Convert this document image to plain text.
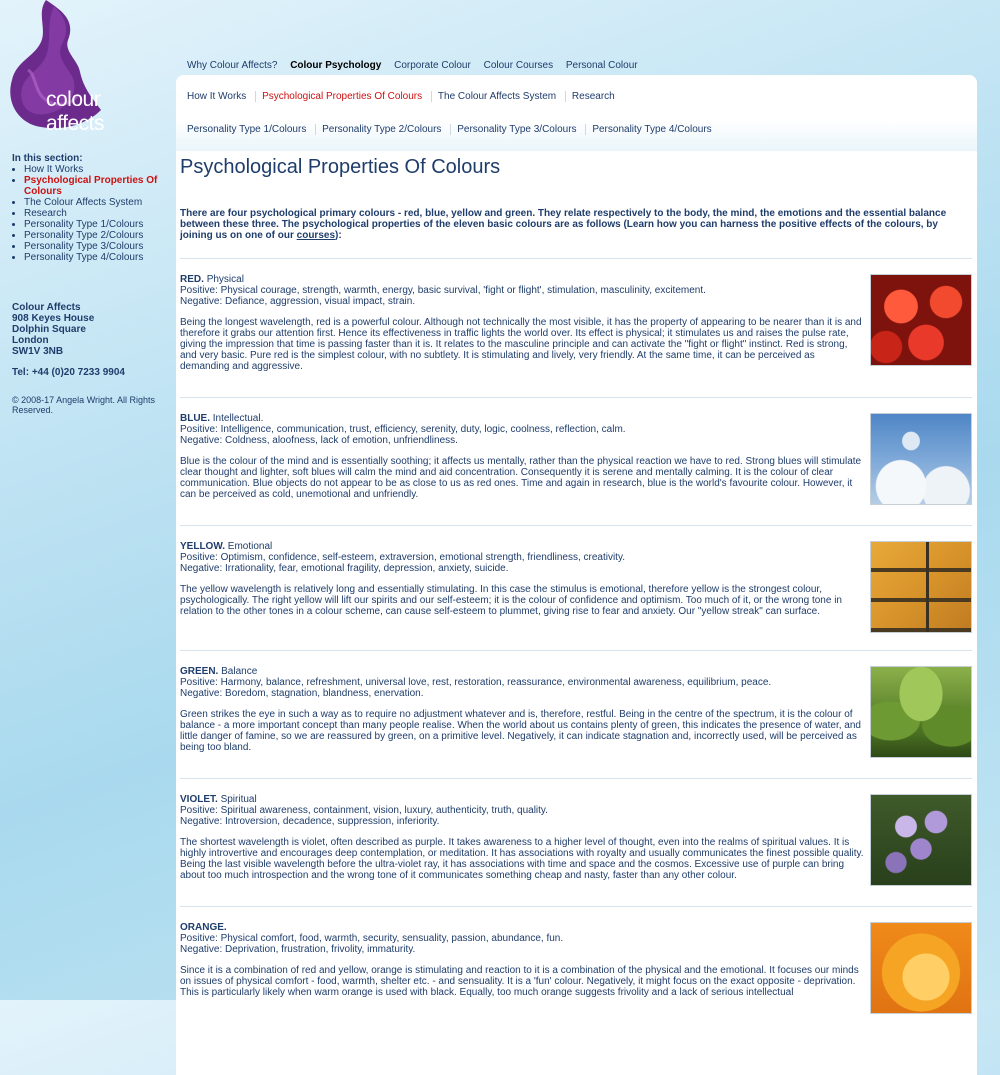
colour affects
In this section:
• How It Works
• Psychological Properties Of Colours
• The Colour Affects System
• Research
• Personality Type 1/Colours
• Personality Type 2/Colours
• Personality Type 3/Colours
• Personality Type 4/Colours
Colour Affects
908 Keyes House
Dolphin Square
London
SW1V 3NB
Tel: +44 (0)20 7233 9904
© 2008-17 Angela Wright. All Rights Reserved.
Why Colour Affects? Colour Psychology Corporate Colour Colour Courses Personal Colour
How It Works Psychological Properties Of Colours The Colour Affects System Research
Personality Type 1/Colours Personality Type 2/Colours Personality Type 3/Colours Personality Type 4/Colours
Psychological Properties Of Colours

There are four psychological primary colours - red, blue, yellow and green. They relate respectively to the body, the mind, the emotions and the essential balance between these three. The psychological properties of the eleven basic colours are as follows (Learn how you can harness the positive effects of the colours, by joining us on one of our courses):

RED. Physical

Positive: Physical courage, strength, warmth, energy, basic survival, 'fight or flight', stimulation, masculinity, excitement.

Negative: Defiance, aggression, visual impact, strain.

Being the longest wavelength, red is a powerful colour. Although not technically the most visible, it has the property of appearing to be nearer than it is and therefore it grabs our attention first. Hence its effectiveness in traffic lights the world over. Its effect is physical; it stimulates us and raises the pulse rate, giving the impression that time is passing faster than it is. It relates to the masculine principle and can activate the "fight or flight" instinct. Red is strong, and very basic. Pure red is the simplest colour, with no subtlety. It is stimulating and lively, very friendly. At the same time, it can be perceived as demanding and aggressive.

BLUE. Intellectual.

Positive: Intelligence, communication, trust, efficiency, serenity, duty, logic, coolness, reflection, calm.

Negative: Coldness, aloofness, lack of emotion, unfriendliness.

Blue is the colour of the mind and is essentially soothing; it affects us mentally, rather than the physical reaction we have to red. Strong blues will stimulate clear thought and lighter, soft blues will calm the mind and aid concentration. Consequently it is serene and mentally calming. It is the colour of clear communication. Blue objects do not appear to be as close to us as red ones. Time and again in research, blue is the world's favourite colour. However, it can be perceived as cold, unemotional and unfriendly.

YELLOW. Emotional

Positive: Optimism, confidence, self-esteem, extraversion, emotional strength, friendliness, creativity.

Negative: Irrationality, fear, emotional fragility, depression, anxiety, suicide.

The yellow wavelength is relatively long and essentially stimulating. In this case the stimulus is emotional, therefore yellow is the strongest colour, psychologically. The right yellow will lift our spirits and our self-esteem; it is the colour of confidence and optimism. Too much of it, or the wrong tone in relation to the other tones in a colour scheme, can cause self-esteem to plummet, giving rise to fear and anxiety. Our "yellow streak" can surface.

GREEN. Balance

Positive: Harmony, balance, refreshment, universal love, rest, restoration, reassurance, environmental awareness, equilibrium, peace.

Negative: Boredom, stagnation, blandness, enervation.

Green strikes the eye in such a way as to require no adjustment whatever and is, therefore, restful. Being in the centre of the spectrum, it is the colour of balance - a more important concept than many people realise. When the world about us contains plenty of green, this indicates the presence of water, and little danger of famine, so we are reassured by green, on a primitive level. Negatively, it can indicate stagnation and, incorrectly used, will be perceived as being too bland.

VIOLET. Spiritual

Positive: Spiritual awareness, containment, vision, luxury, authenticity, truth, quality.

Negative: Introversion, decadence, suppression, inferiority.

The shortest wavelength is violet, often described as purple. It takes awareness to a higher level of thought, even into the realms of spiritual values. It is highly introvertive and encourages deep contemplation, or meditation. It has associations with royalty and usually communicates the finest possible quality. Being the last visible wavelength before the ultra-violet ray, it has associations with time and space and the cosmos. Excessive use of purple can bring about too much introspection and the wrong tone of it communicates something cheap and nasty, faster than any other colour.

ORANGE.

Positive: Physical comfort, food, warmth, security, sensuality, passion, abundance, fun.

Negative: Deprivation, frustration, frivolity, immaturity.

Since it is a combination of red and yellow, orange is stimulating and reaction to it is a combination of the physical and the emotional. It focuses our minds on issues of physical comfort - food, warmth, shelter etc. - and sensuality. It is a 'fun' colour. Negatively, it might focus on the exact opposite - deprivation. This is particularly likely when warm orange is used with black. Equally, too much orange suggests frivolity and a lack of serious intellectual
